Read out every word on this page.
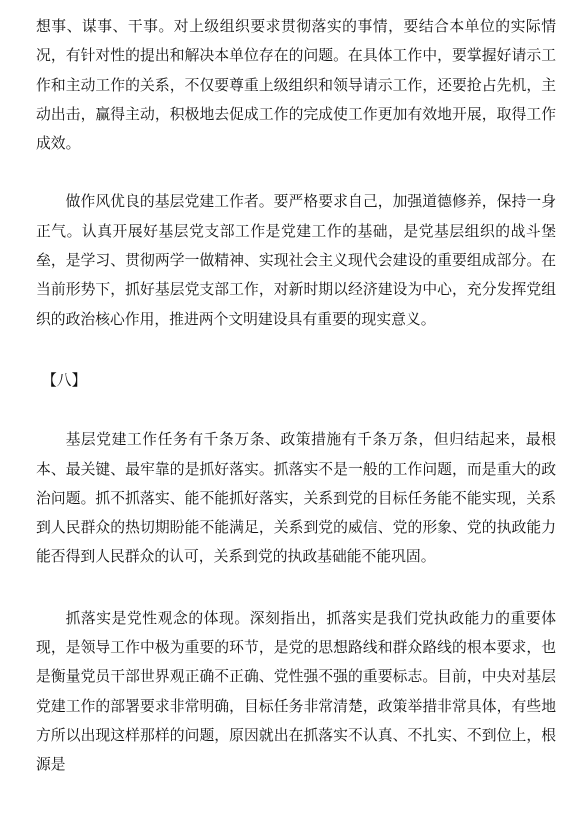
想事、谋事、干事。对上级组织要求贯彻落实的事情，要结合本单位的实际情况，有针对性的提出和解决本单位存在的问题。在具体工作中，要掌握好请示工作和主动工作的关系，不仅要尊重上级组织和领导请示工作，还要抢占先机，主动出击，赢得主动，积极地去促成工作的完成使工作更加有效地开展，取得工作成效。

做作风优良的基层党建工作者。要严格要求自己，加强道德修养，保持一身正气。认真开展好基层党支部工作是党建工作的基础，是党基层组织的战斗堡垒，是学习、贯彻两学一做精神、实现社会主义现代会建设的重要组成部分。在当前形势下，抓好基层党支部工作，对新时期以经济建设为中心，充分发挥党组织的政治核心作用，推进两个文明建设具有重要的现实意义。

【八】

基层党建工作任务有千条万条、政策措施有千条万条，但归结起来，最根本、最关键、最牢靠的是抓好落实。抓落实不是一般的工作问题，而是重大的政治问题。抓不抓落实、能不能抓好落实，关系到党的目标任务能不能实现，关系到人民群众的热切期盼能不能满足，关系到党的威信、党的形象、党的执政能力能否得到人民群众的认可，关系到党的执政基础能不能巩固。

抓落实是党性观念的体现。深刻指出，抓落实是我们党执政能力的重要体现，是领导工作中极为重要的环节，是党的思想路线和群众路线的根本要求，也是衡量党员干部世界观正确不正确、党性强不强的重要标志。目前，中央对基层党建工作的部署要求非常明确，目标任务非常清楚，政策举措非常具体，有些地方所以出现这样那样的问题，原因就出在抓落实不认真、不扎实、不到位上，根源是
